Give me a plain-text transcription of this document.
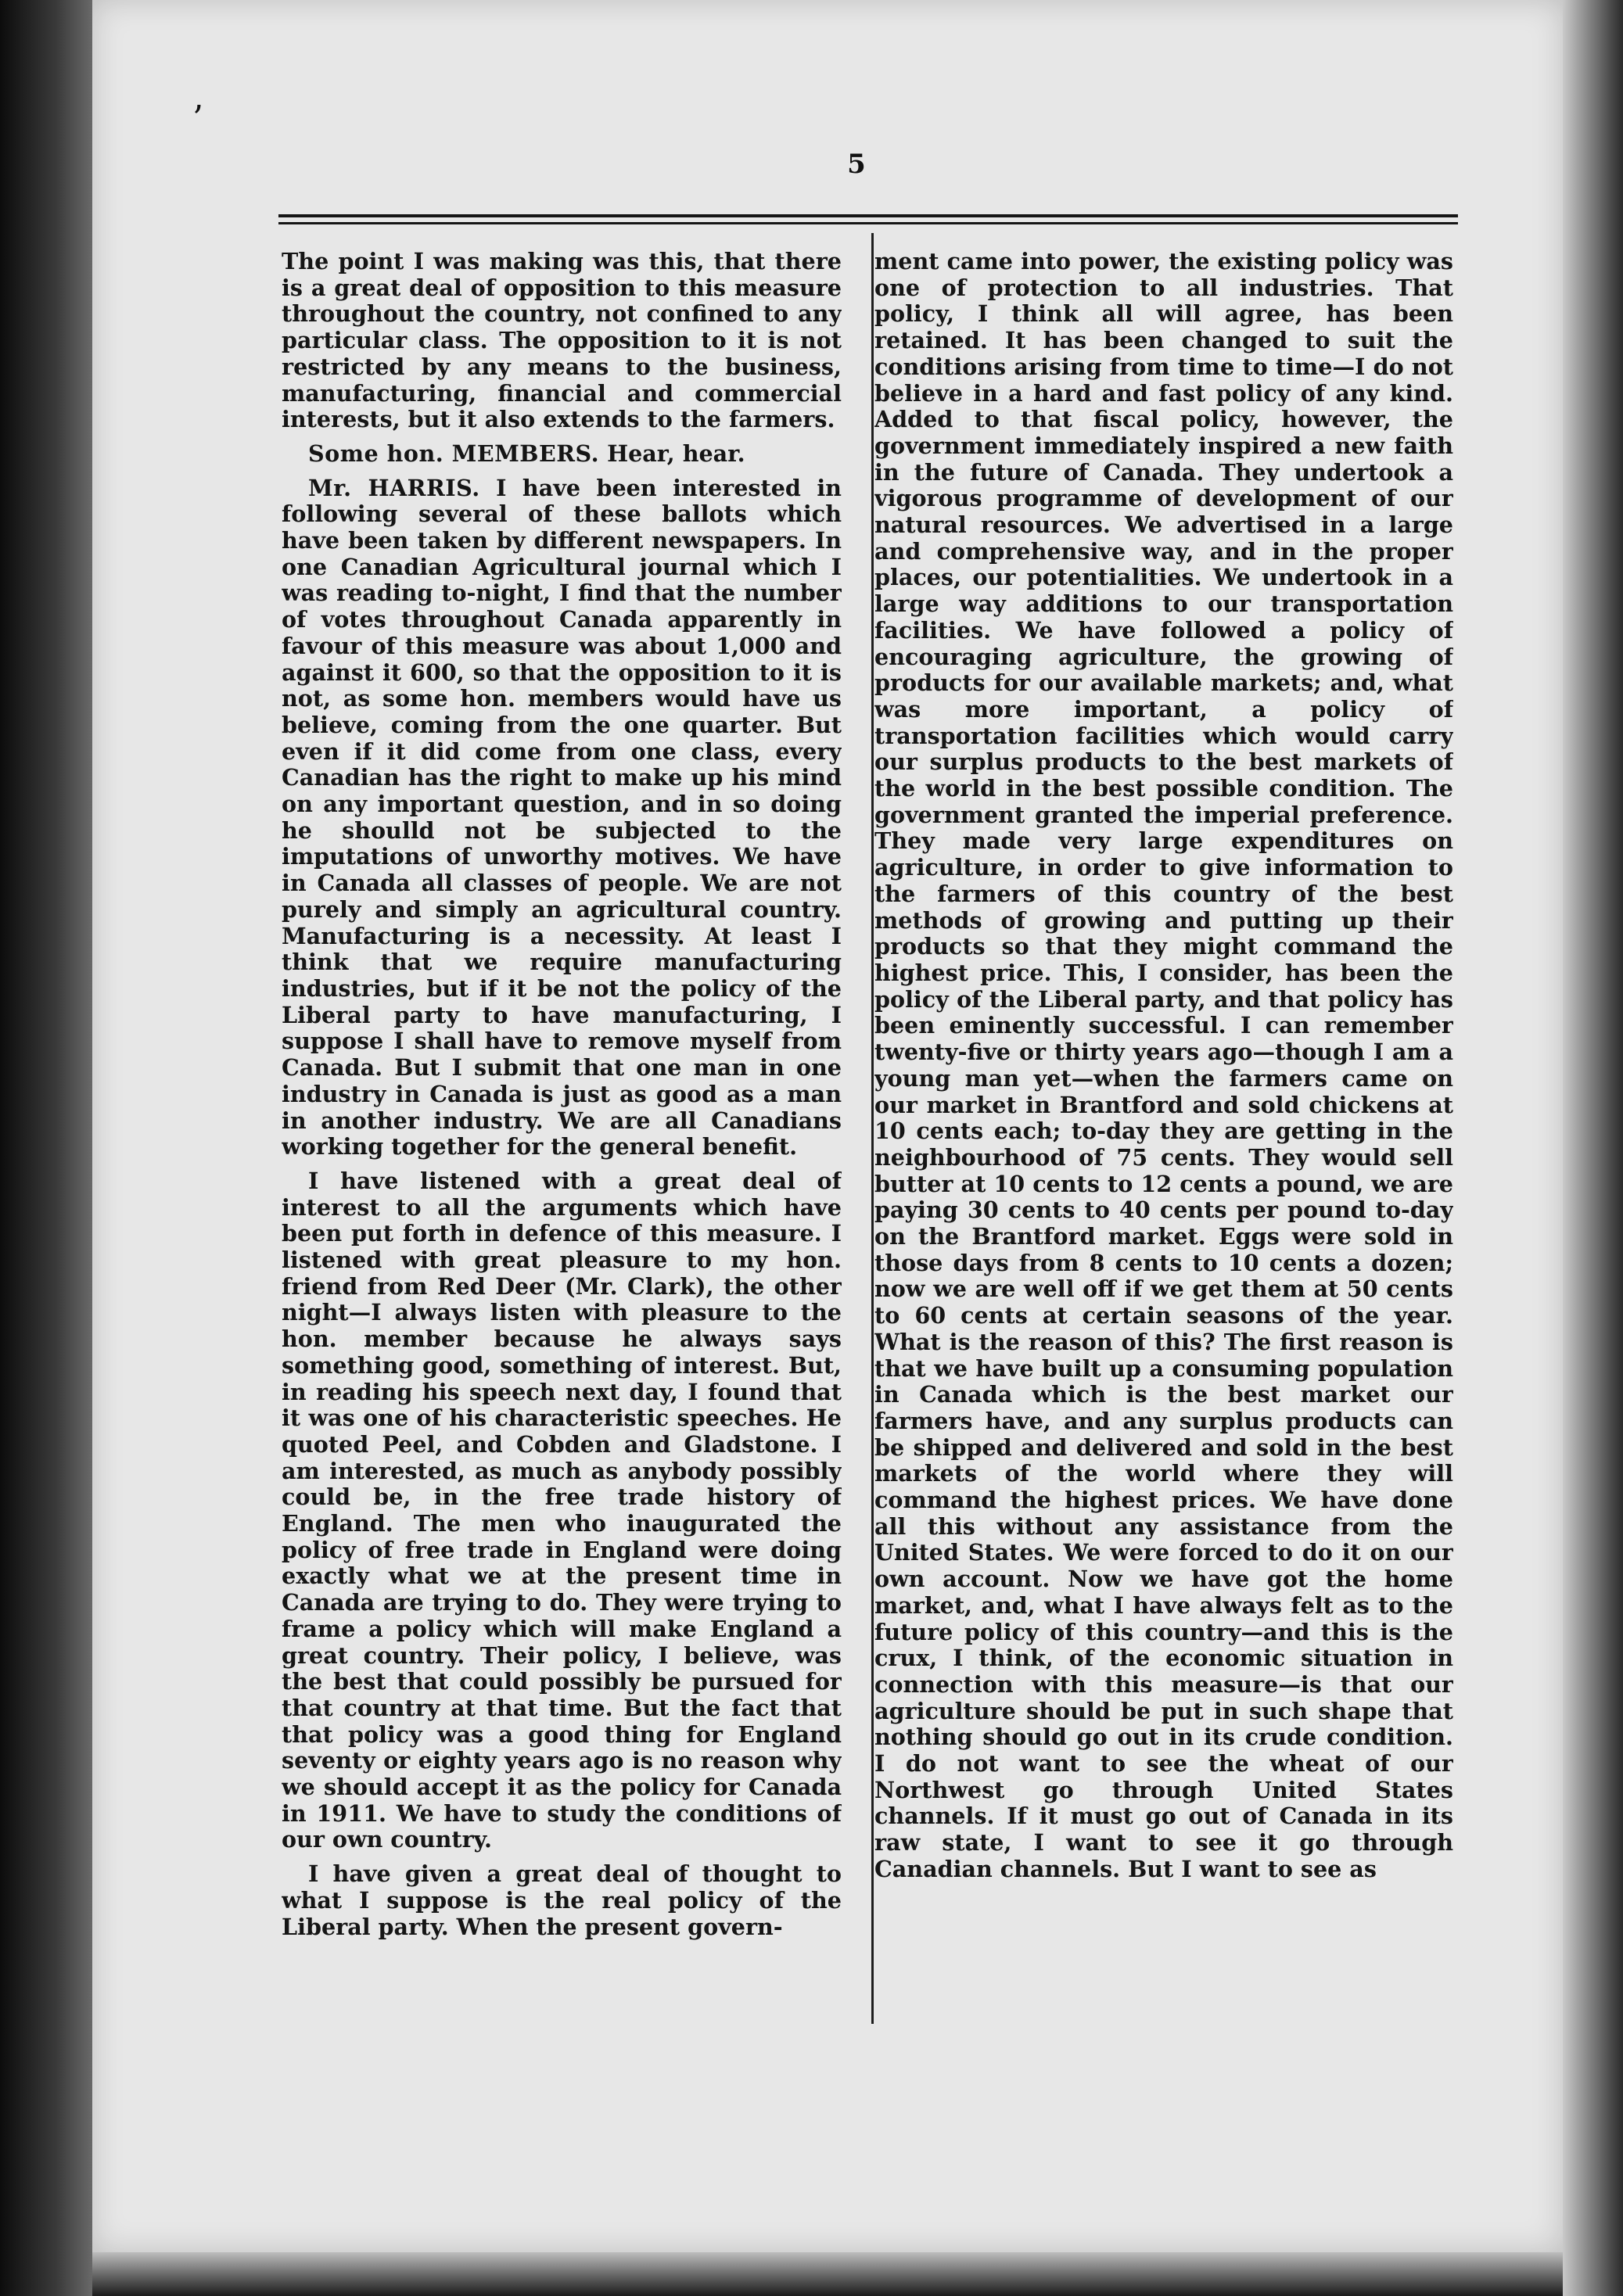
’
5

The point I was making was this, that there is a great deal of opposition to this measure throughout the country, not confined to any particular class. The opposition to it is not restricted by any means to the business, manufacturing, financial and commercial interests, but it also extends to the farmers.

Some hon. MEMBERS. Hear, hear.

Mr. HARRIS. I have been interested in following several of these ballots which have been taken by different newspapers. In one Canadian Agricultural journal which I was reading to-night, I find that the number of votes throughout Canada apparently in favour of this measure was about 1,000 and against it 600, so that the opposition to it is not, as some hon. members would have us believe, coming from the one quarter. But even if it did come from one class, every Canadian has the right to make up his mind on any important question, and in so doing he shoulld not be subjected to the imputations of unworthy motives. We have in Canada all classes of people. We are not purely and simply an agricultural country. Manufacturing is a necessity. At least I think that we require manufacturing industries, but if it be not the policy of the Liberal party to have manufacturing, I suppose I shall have to remove myself from Canada. But I submit that one man in one industry in Canada is just as good as a man in another industry. We are all Canadians working together for the general benefit.

I have listened with a great deal of interest to all the arguments which have been put forth in defence of this measure. I listened with great pleasure to my hon. friend from Red Deer (Mr. Clark), the other night—I always listen with pleasure to the hon. member because he always says something good, something of interest. But, in reading his speech next day, I found that it was one of his characteristic speeches. He quoted Peel, and Cobden and Gladstone. I am interested, as much as anybody possibly could be, in the free trade history of England. The men who inaugurated the policy of free trade in England were doing exactly what we at the present time in Canada are trying to do. They were trying to frame a policy which will make England a great country. Their policy, I believe, was the best that could possibly be pursued for that country at that time. But the fact that that policy was a good thing for England seventy or eighty years ago is no reason why we should accept it as the policy for Canada in 1911. We have to study the conditions of our own country.

I have given a great deal of thought to what I suppose is the real policy of the Liberal party. When the present govern-

ment came into power, the existing policy was one of protection to all industries. That policy, I think all will agree, has been retained. It has been changed to suit the conditions arising from time to time—I do not believe in a hard and fast policy of any kind. Added to that fiscal policy, however, the government immediately inspired a new faith in the future of Canada. They undertook a vigorous programme of development of our natural resources. We advertised in a large and comprehensive way, and in the proper places, our potentialities. We undertook in a large way additions to our transportation facilities. We have followed a policy of encouraging agriculture, the growing of products for our available markets; and, what was more important, a policy of transportation facilities which would carry our surplus products to the best markets of the world in the best possible condition. The government granted the imperial preference. They made very large expenditures on agriculture, in order to give information to the farmers of this country of the best methods of growing and putting up their products so that they might command the highest price. This, I consider, has been the policy of the Liberal party, and that policy has been eminently successful. I can remember twenty-five or thirty years ago—though I am a young man yet—when the farmers came on our market in Brantford and sold chickens at 10 cents each; to-day they are getting in the neighbourhood of 75 cents. They would sell butter at 10 cents to 12 cents a pound, we are paying 30 cents to 40 cents per pound to-day on the Brantford market. Eggs were sold in those days from 8 cents to 10 cents a dozen; now we are well off if we get them at 50 cents to 60 cents at certain seasons of the year. What is the reason of this? The first reason is that we have built up a consuming population in Canada which is the best market our farmers have, and any surplus products can be shipped and delivered and sold in the best markets of the world where they will command the highest prices. We have done all this without any assistance from the United States. We were forced to do it on our own account. Now we have got the home market, and, what I have always felt as to the future policy of this country—and this is the crux, I think, of the economic situation in connection with this measure—is that our agriculture should be put in such shape that nothing should go out in its crude condition. I do not want to see the wheat of our Northwest go through United States channels. If it must go out of Canada in its raw state, I want to see it go through Canadian channels. But I want to see as
